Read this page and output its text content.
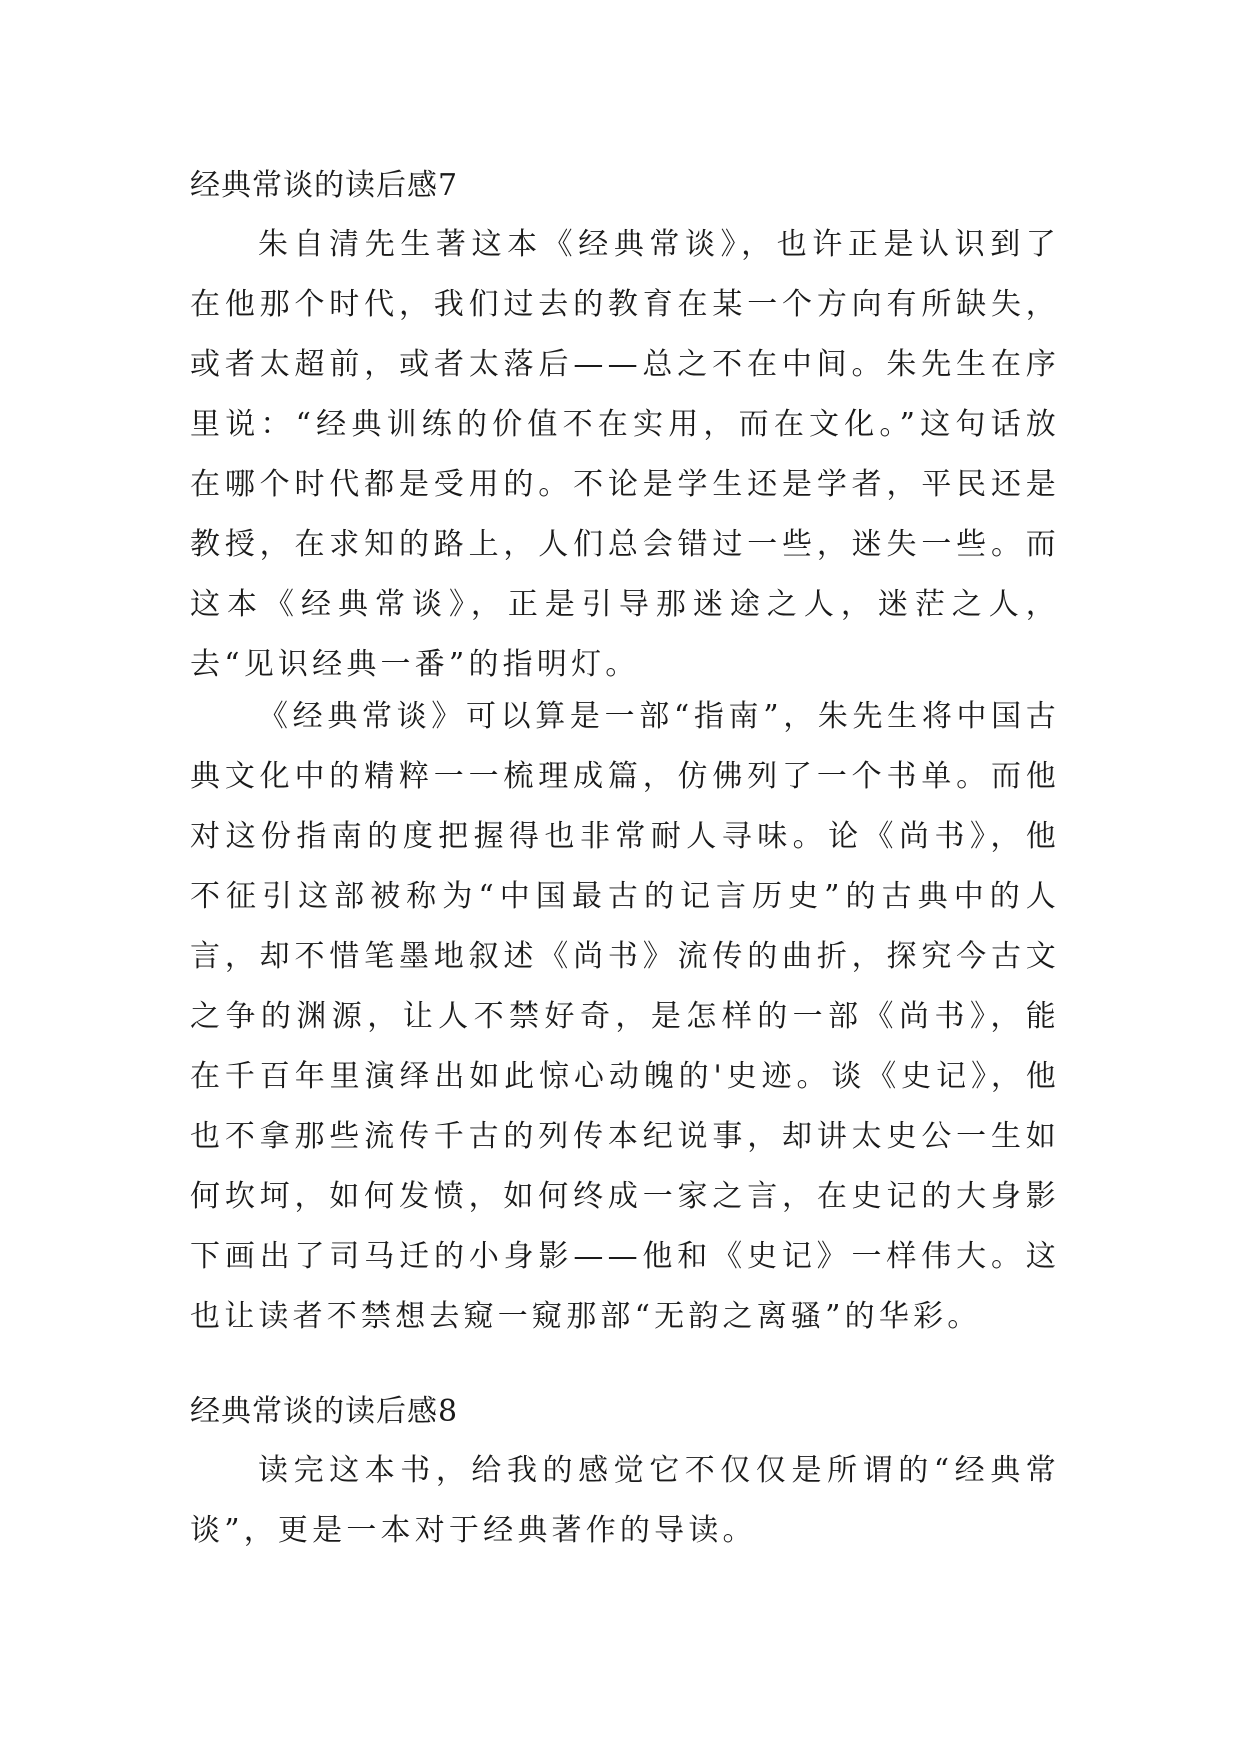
经典常谈的读后感7

朱自清先生著这本《经典常谈》，也许正是认识到了在他那个时代，我们过去的教育在某一个方向有所缺失，或者太超前，或者太落后——总之不在中间。朱先生在序里说：“经典训练的价值不在实用，而在文化。”这句话放在哪个时代都是受用的。不论是学生还是学者，平民还是教授，在求知的路上，人们总会错过一些，迷失一些。而这本《经典常谈》，正是引导那迷途之人，迷茫之人，去“见识经典一番”的指明灯。

《经典常谈》可以算是一部“指南”，朱先生将中国古典文化中的精粹一一梳理成篇，仿佛列了一个书单。而他对这份指南的度把握得也非常耐人寻味。论《尚书》，他不征引这部被称为“中国最古的记言历史”的古典中的人言，却不惜笔墨地叙述《尚书》流传的曲折，探究今古文之争的渊源，让人不禁好奇，是怎样的一部《尚书》，能在千百年里演绎出如此惊心动魄的'史迹。谈《史记》，他也不拿那些流传千古的列传本纪说事，却讲太史公一生如何坎坷，如何发愤，如何终成一家之言，在史记的大身影下画出了司马迁的小身影——他和《史记》一样伟大。这也让读者不禁想去窥一窥那部“无韵之离骚”的华彩。

经典常谈的读后感8

读完这本书，给我的感觉它不仅仅是所谓的“经典常谈”，更是一本对于经典著作的导读。
